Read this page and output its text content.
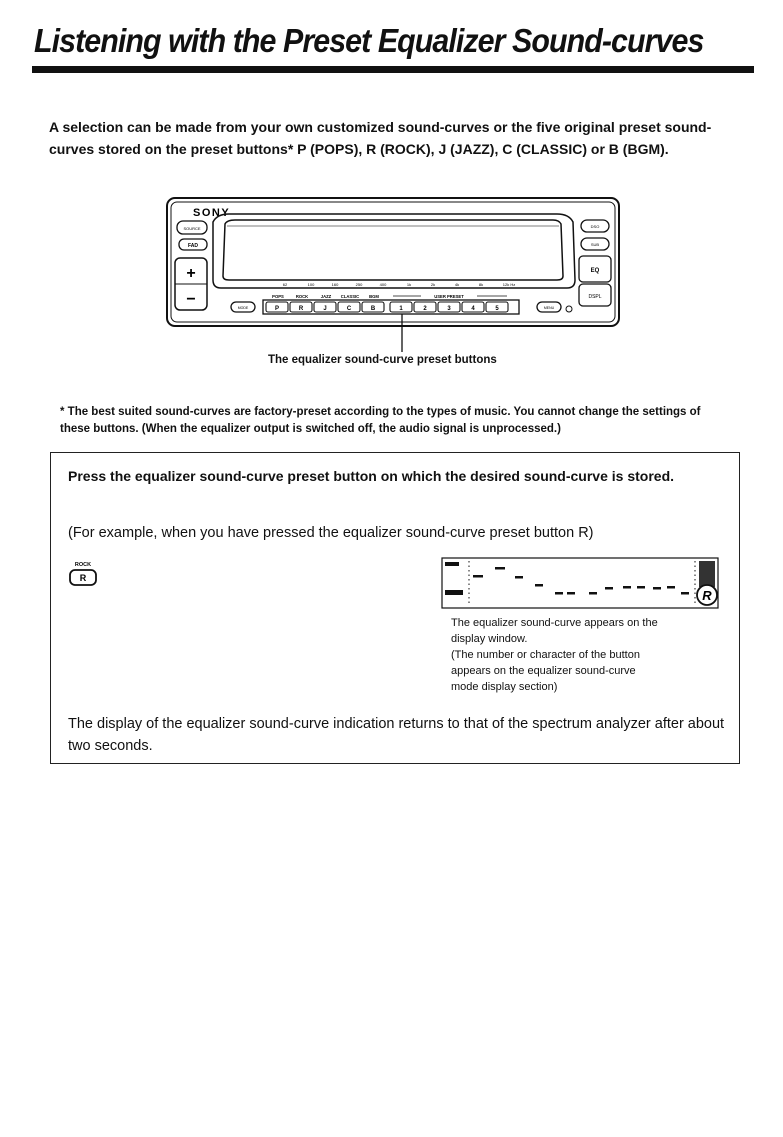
Listening with the Preset Equalizer Sound-curves

A selection can be made from your own customized sound-curves or the five original preset sound-curves stored on the preset buttons* P (POPS), R (ROCK), J (JAZZ), C (CLASSIC) or B (BGM).

SONY
SOURCE
FAD
+
−
62	100	160	250	400	1k	2k	4k	8k	12k Hz
DSO
SUB
EQ
DSPL
MODE	MENU
POPS	ROCK	JAZZ CLASSIC BGM	USER PRESET
P	R	J	C	B	1	2	3	4	5
The equalizer sound-curve preset buttons

* The best suited sound-curves are factory-preset according to the types of music. You cannot change the settings of these buttons. (When the equalizer output is switched off, the audio signal is unprocessed.)

Press the equalizer sound-curve preset button on which the desired sound-curve is stored.

(For example, when you have pressed the equalizer sound-curve preset button R)

ROCK
R
R
The equalizer sound-curve appears on the
display window.
(The number or character of the button
appears on the equalizer sound-curve
mode display section)

The display of the equalizer sound-curve indication returns to that of the spectrum analyzer after about two seconds.
